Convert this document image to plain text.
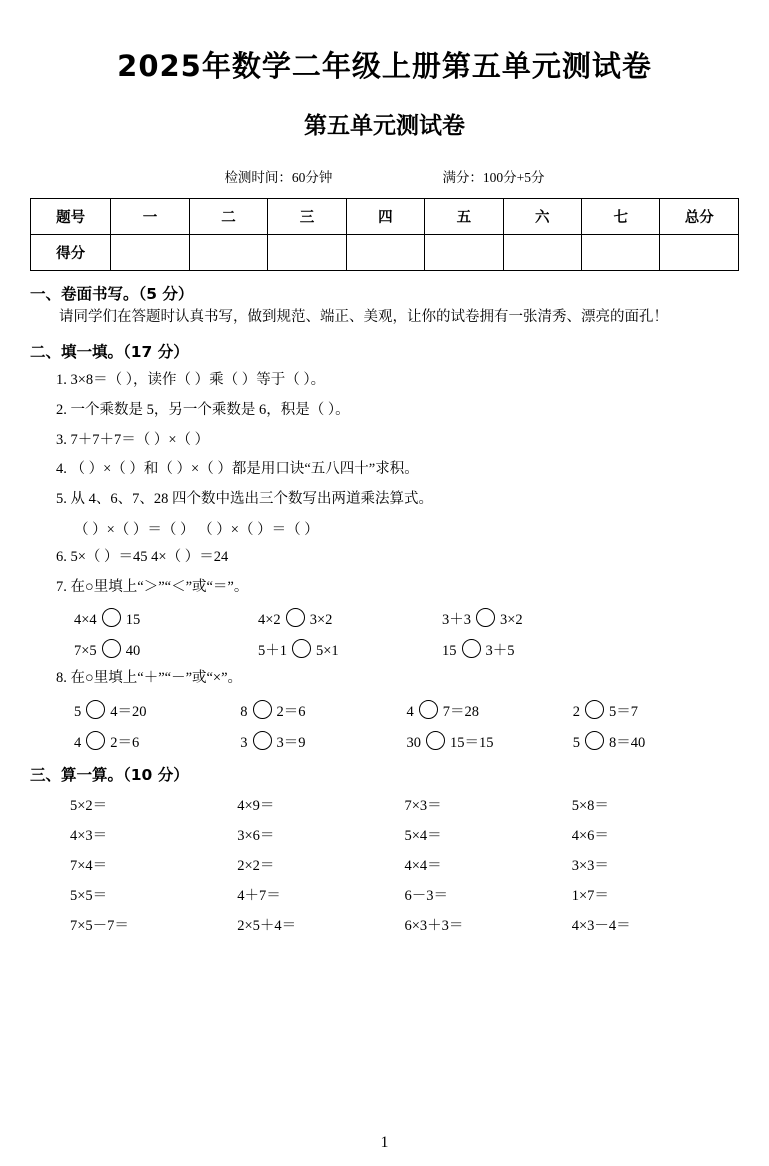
2025年数学二年级上册第五单元测试卷
第五单元测试卷
检测时间：60分钟	满分：100分+5分
题号	一	二	三	四	五	六	七	总分
得分								
一、卷面书写。（5 分）
请同学们在答题时认真书写，做到规范、端正、美观，让你的试卷拥有一张清秀、漂亮的面孔！
二、填一填。（17 分）
1. 3×8＝（ ），读作（ ）乘（ ）等于（ ）。
2. 一个乘数是 5，另一个乘数是 6，积是（ ）。
3. 7＋7＋7＝（ ）×（ ）
4. （ ）×（ ）和（ ）×（ ）都是用口诀“五八四十”求积。
5. 从 4、6、7、28 四个数中选出三个数写出两道乘法算式。
（ ）×（ ）＝（ ） （ ）×（ ）＝（ ）
6. 5×（ ）＝45 4×（ ）＝24
7. 在○里填上“＞”“＜”或“＝”。
4×4 15	4×2 3×2	3＋3 3×2
7×5 40	5＋1 5×1	15 3＋5
8. 在○里填上“＋”“－”或“×”。
5 4＝20	8 2＝6	4 7＝28	2 5＝7
4 2＝6	3 3＝9	30 15＝15	5 8＝40
三、算一算。（10 分）
5×2＝	4×9＝	7×3＝	5×8＝
4×3＝	3×6＝	5×4＝	4×6＝
7×4＝	2×2＝	4×4＝	3×3＝
5×5＝	4＋7＝	6－3＝	1×7＝
7×5－7＝	2×5＋4＝	6×3＋3＝	4×3－4＝
1
